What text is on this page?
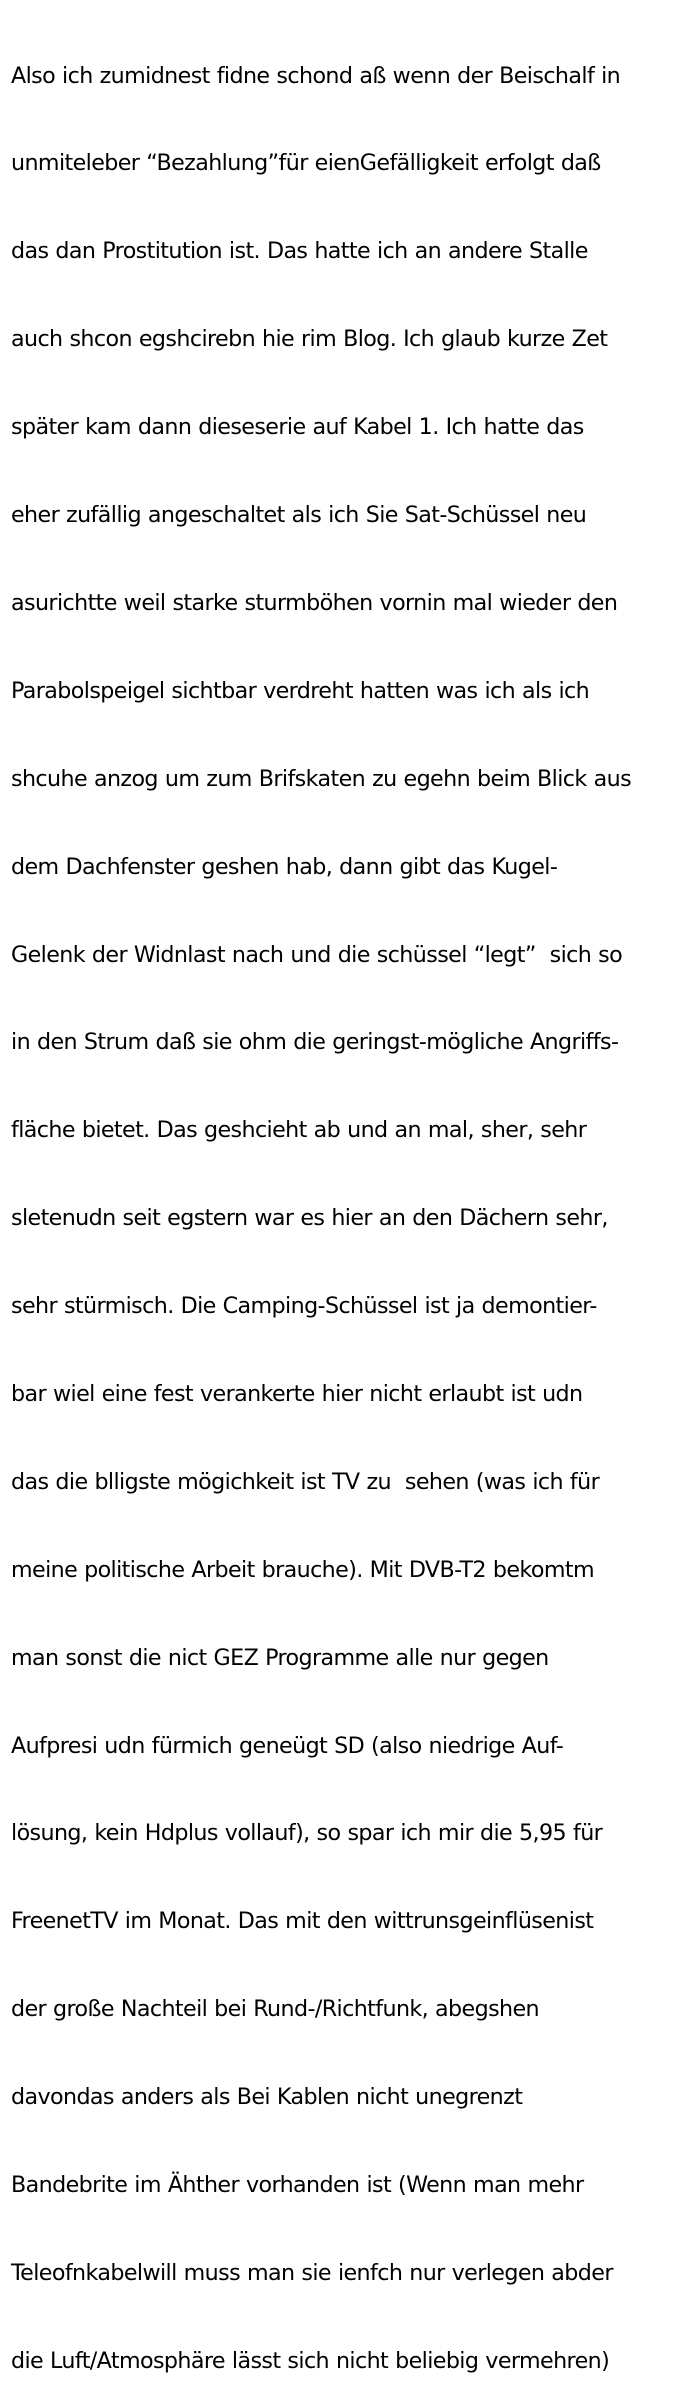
Also ich zumidnest fidne schond aß wenn der Beischalf in

unmiteleber “Bezahlung”für eienGefälligkeit erfolgt daß

das dan Prostitution ist. Das hatte ich an andere Stalle

auch shcon egshcirebn hie rim Blog. Ich glaub kurze Zet

später kam dann dieseserie auf Kabel 1. Ich hatte das

eher zufällig angeschaltet als ich Sie Sat-Schüssel neu

asurichtte weil starke sturmböhen vornin mal wieder den

Parabolspeigel sichtbar verdreht hatten was ich als ich

shcuhe anzog um zum Brifskaten zu egehn beim Blick aus

dem Dachfenster geshen hab, dann gibt das Kugel-

Gelenk der Widnlast nach und die schüssel “legt”  sich so

in den Strum daß sie ohm die geringst-mögliche Angriffs-

fläche bietet. Das geshcieht ab und an mal, sher, sehr

sletenudn seit egstern war es hier an den Dächern sehr,

sehr stürmisch. Die Camping-Schüssel ist ja demontier-

bar wiel eine fest verankerte hier nicht erlaubt ist udn

das die blligste mögichkeit ist TV zu  sehen (was ich für

meine politische Arbeit brauche). Mit DVB-T2 bekomtm

man sonst die nict GEZ Programme alle nur gegen

Aufpresi udn fürmich geneügt SD (also niedrige Auf-

lösung, kein Hdplus vollauf), so spar ich mir die 5,95 für

FreenetTV im Monat. Das mit den wittrunsgeinflüsenist

der große Nachteil bei Rund-/Richtfunk, abegshen

davondas anders als Bei Kablen nicht unegrenzt

Bandebrite im Ähther vorhanden ist (Wenn man mehr

Teleofnkabelwill muss man sie ienfch nur verlegen abder

die Luft/Atmosphäre lässt sich nicht beliebig vermehren)
